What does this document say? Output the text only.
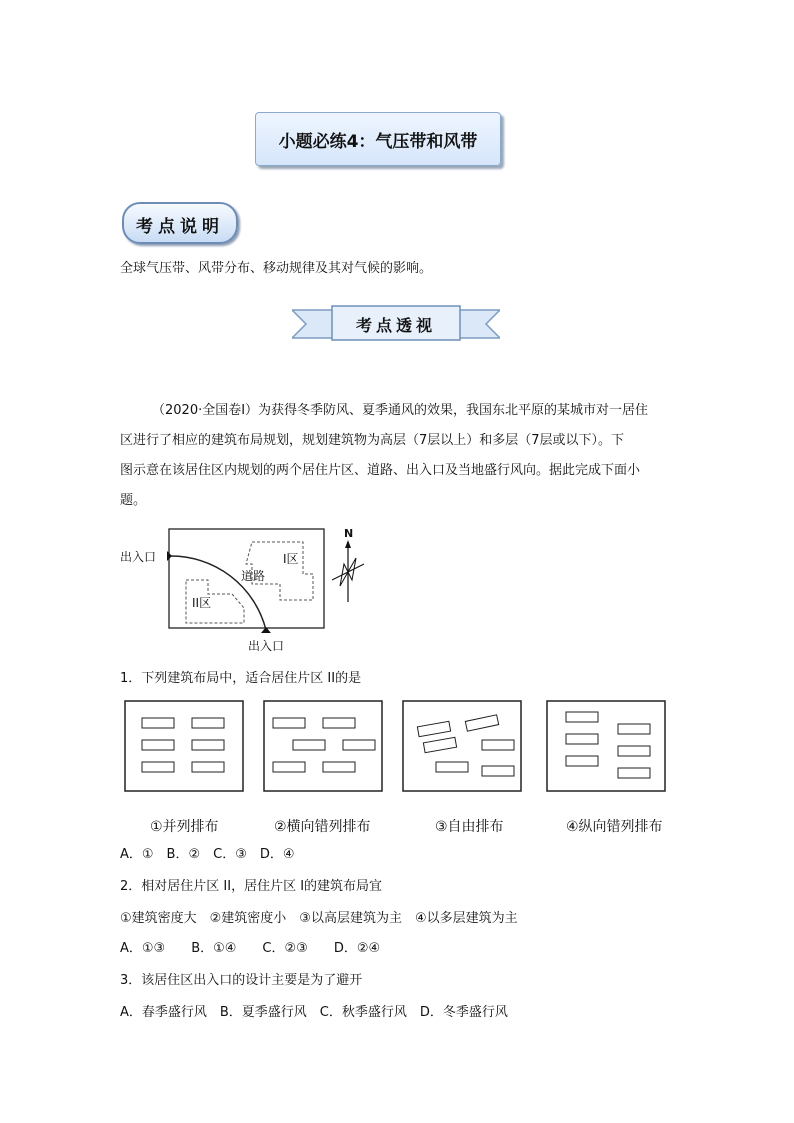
小题必练4：气压带和风带
考点说明
全球气压带、风带分布、移动规律及其对气候的影响。
考点透视
（2020·全国卷Ⅰ）为获得冬季防风、夏季通风的效果，我国东北平原的某城市对一居住
区进行了相应的建筑布局规划，规划建筑物为高层（7层以上）和多层（7层或以下）。下
图示意在该居住区内规划的两个居住片区、道路、出入口及当地盛行风向。据此完成下面小
题。
出入口
出入口
道路
I区
II区
N
1．下列建筑布局中，适合居住片区 II的是
①并列排布	②横向错列排布	③自由排布	④纵向错列排布
A．①　B．②　C．③　D．④
2．相对居住片区 II，居住片区 I的建筑布局宜
①建筑密度大　②建筑密度小　③以高层建筑为主　④以多层建筑为主
A．①③　　B．①④　　C．②③　　D．②④
3．该居住区出入口的设计主要是为了避开
A．春季盛行风　B．夏季盛行风　C．秋季盛行风　D．冬季盛行风
